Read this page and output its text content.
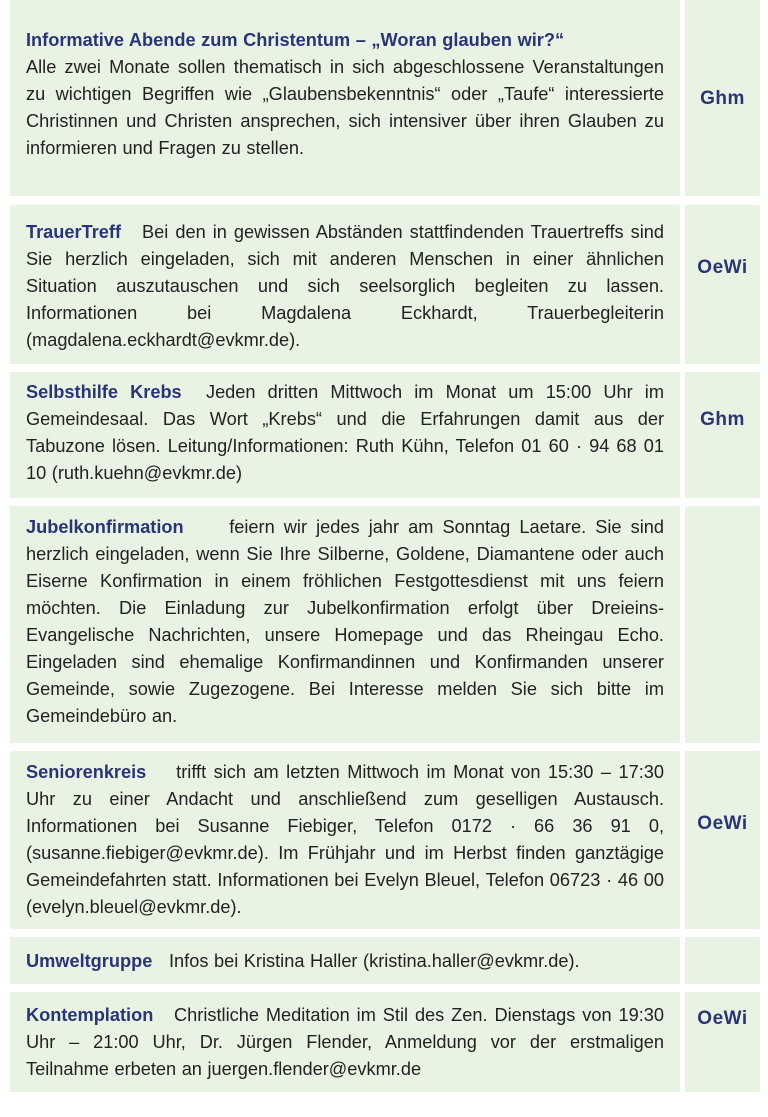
Informative Abende zum Christentum – „Woran glauben wir?“
Alle zwei Monate sollen thematisch in sich abgeschlossene Veranstaltungen zu wichtigen Begriffen wie „Glaubensbekenntnis“ oder „Taufe“ interessierte Christinnen und Christen ansprechen, sich intensiver über ihren Glauben zu informieren und Fragen zu stellen.
Ghm
TrauerTreff Bei den in gewissen Abständen stattfindenden Trauertreffs sind Sie herzlich eingeladen, sich mit anderen Menschen in einer ähnlichen Situation auszutauschen und sich seelsorglich begleiten zu lassen. Informationen bei Magdalena Eckhardt, Trauerbegleiterin (magdalena.eckhardt@evkmr.de).
OeWi
Selbsthilfe Krebs Jeden dritten Mittwoch im Monat um 15:00 Uhr im Gemeindesaal. Das Wort „Krebs“ und die Erfahrungen damit aus der Tabuzone lösen. Leitung/Informationen: Ruth Kühn, Telefon 01 60 · 94 68 01 10 (ruth.kuehn@evkmr.de)
Ghm
Jubelkonfirmation	feiern wir jedes jahr am Sonntag Laetare. Sie sind herzlich eingeladen, wenn Sie Ihre Silberne, Goldene, Diamantene oder auch Eiserne Konfirmation in einem fröhlichen Festgottesdienst mit uns feiern möchten. Die Einladung zur Jubelkonfirmation erfolgt über Dreieins-Evangelische Nachrichten, unsere Homepage und das Rheingau Echo. Eingeladen sind ehemalige Konfirmandinnen und Konfirmanden unserer Gemeinde, sowie Zugezogene. Bei Interesse melden Sie sich bitte im Gemeindebüro an.
Seniorenkreis trifft sich am letzten Mittwoch im Monat von 15:30 – 17:30 Uhr zu einer Andacht und anschließend zum geselligen Austausch. Informationen bei Susanne Fiebiger, Telefon 0172 · 66 36 91 0, (susanne.fiebiger@evkmr.de). Im Frühjahr und im Herbst finden ganztägige Gemeindefahrten statt. Informationen bei Evelyn Bleuel, Telefon 06723 · 46 00 (evelyn.bleuel@evkmr.de).
OeWi
Umweltgruppe Infos bei Kristina Haller (kristina.haller@evkmr.de).
Kontemplation Christliche Meditation im Stil des Zen. Dienstags von 19:30 Uhr – 21:00 Uhr, Dr. Jürgen Flender, Anmeldung vor der erstmaligen Teilnahme erbeten an juergen.flender@evkmr.de
OeWi
